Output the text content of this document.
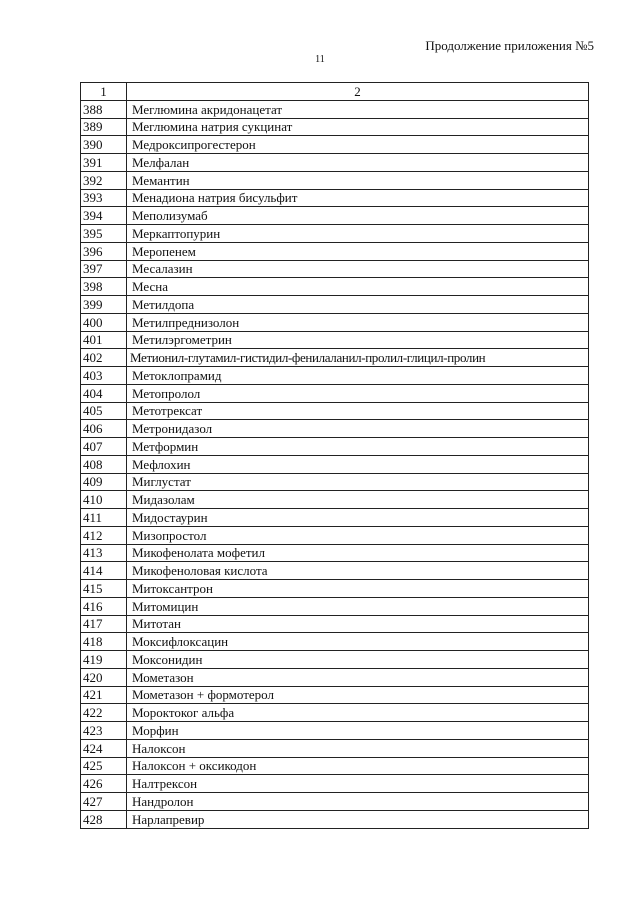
Продолжение приложения №5
11
1	2
388	Меглюмина акридонацетат
389	Меглюмина натрия сукцинат
390	Медроксипрогестерон
391	Мелфалан
392	Мемантин
393	Менадиона натрия бисульфит
394	Меполизумаб
395	Меркаптопурин
396	Меропенем
397	Месалазин
398	Месна
399	Метилдопа
400	Метилпреднизолон
401	Метилэргометрин
402	Метионил-глутамил-гистидил-фенилаланил-пролил-глицил-пролин
403	Метоклопрамид
404	Метопролол
405	Метотрексат
406	Метронидазол
407	Метформин
408	Мефлохин
409	Миглустат
410	Мидазолам
411	Мидостаурин
412	Мизопростол
413	Микофенолата мофетил
414	Микофеноловая кислота
415	Митоксантрон
416	Митомицин
417	Митотан
418	Моксифлоксацин
419	Моксонидин
420	Мометазон
421	Мометазон + формотерол
422	Мороктоког альфа
423	Морфин
424	Налоксон
425	Налоксон + оксикодон
426	Налтрексон
427	Нандролон
428	Нарлапревир
